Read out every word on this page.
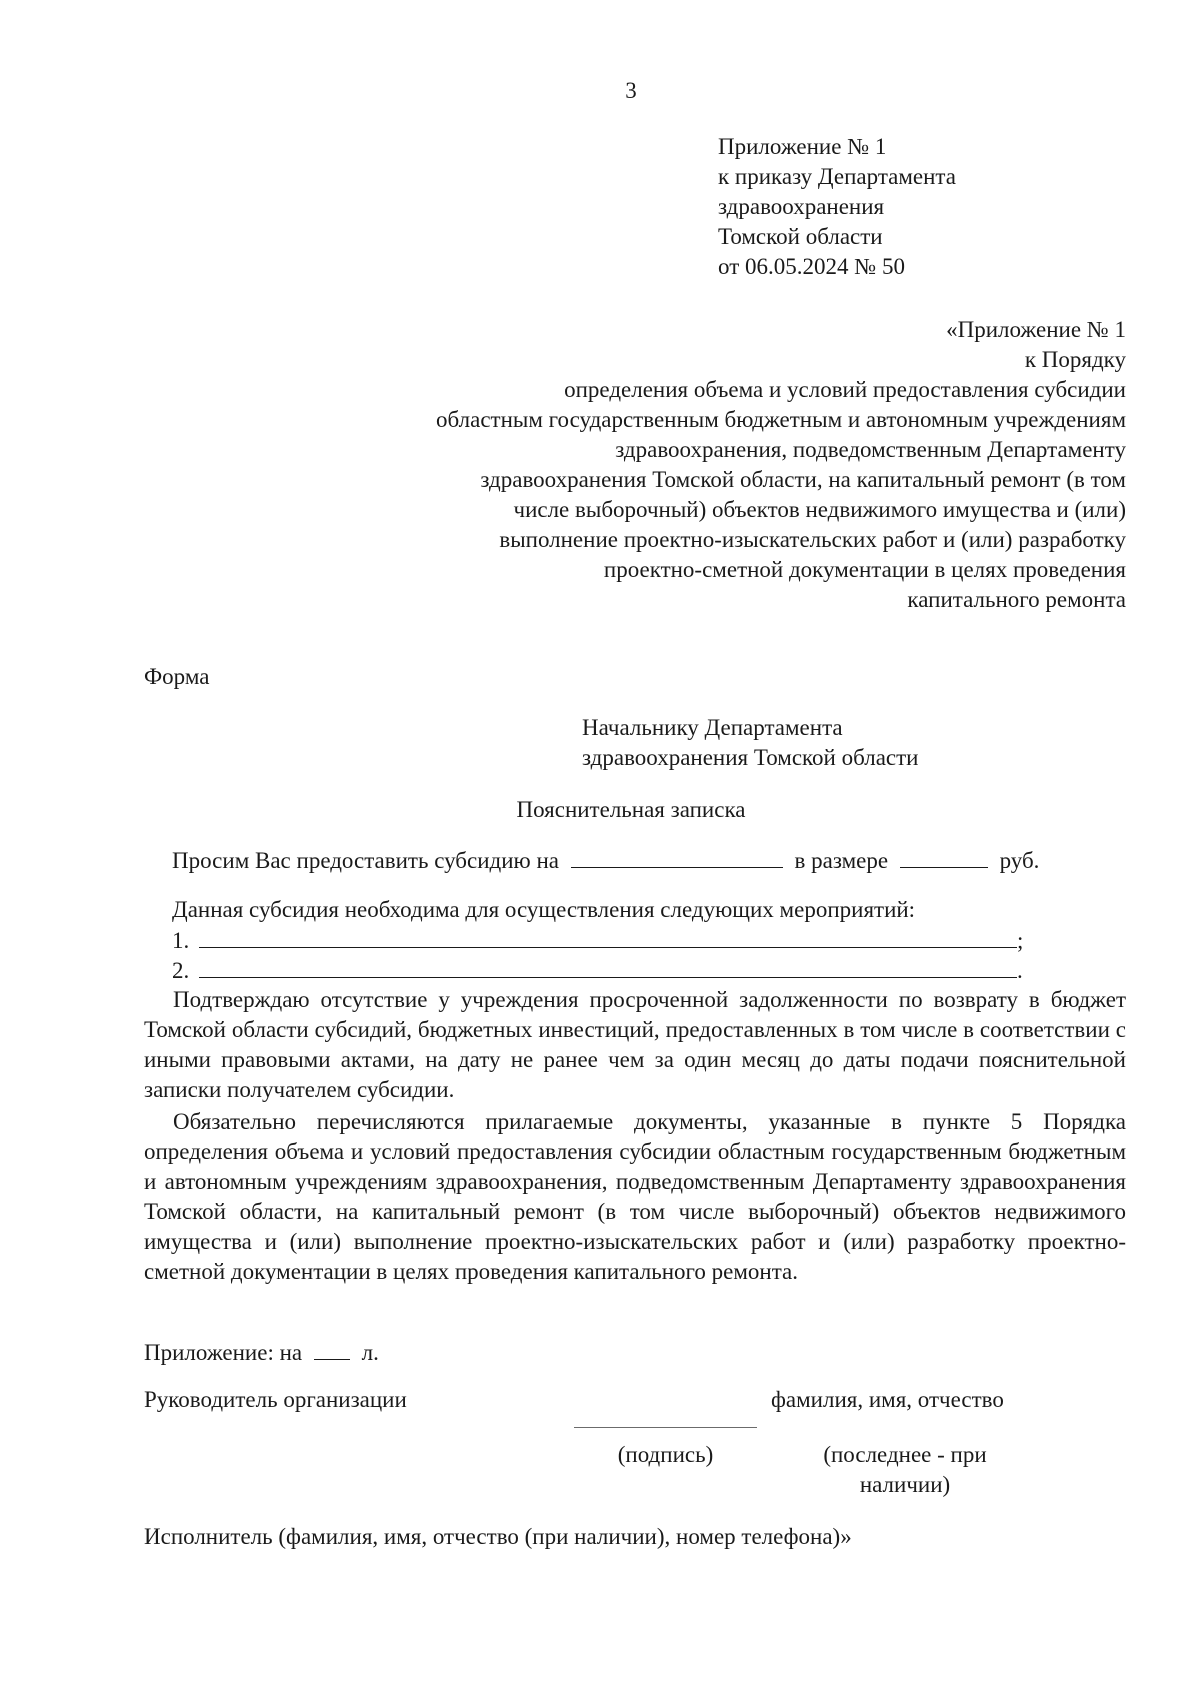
3
Приложение № 1
к приказу Департамента
здравоохранения
Томской области
от 06.05.2024 № 50
«Приложение № 1
к Порядку
определения объема и условий предоставления субсидии
областным государственным бюджетным и автономным учреждениям
здравоохранения, подведомственным Департаменту
здравоохранения Томской области, на капитальный ремонт (в том
числе выборочный) объектов недвижимого имущества и (или)
выполнение проектно-изыскательских работ и (или) разработку
проектно-сметной документации в целях проведения
капитального ремонта
Форма
Начальнику Департамента
здравоохранения Томской области
Пояснительная записка
Просим Вас предоставить субсидию на	в размере	руб.
Данная субсидия необходима для осуществления следующих мероприятий:
1.	;
2.	.
Подтверждаю отсутствие у учреждения просроченной задолженности по возврату в бюджет Томской области субсидий, бюджетных инвестиций, предоставленных в том числе в соответствии с иными правовыми актами, на дату не ранее чем за один месяц до даты подачи пояснительной записки получателем субсидии.
Обязательно перечисляются прилагаемые документы, указанные в пункте 5 Порядка определения объема и условий предоставления субсидии областным государственным бюджетным и автономным учреждениям здравоохранения, подведомственным Департаменту здравоохранения Томской области, на капитальный ремонт (в том числе выборочный) объектов недвижимого имущества и (или) выполнение проектно-изыскательских работ и (или) разработку проектно-сметной документации в целях проведения капитального ремонта.
Приложение: на	л.
Руководитель организации	фамилия, имя, отчество
(подпись)	(последнее - при
наличии)
Исполнитель (фамилия, имя, отчество (при наличии), номер телефона)»
